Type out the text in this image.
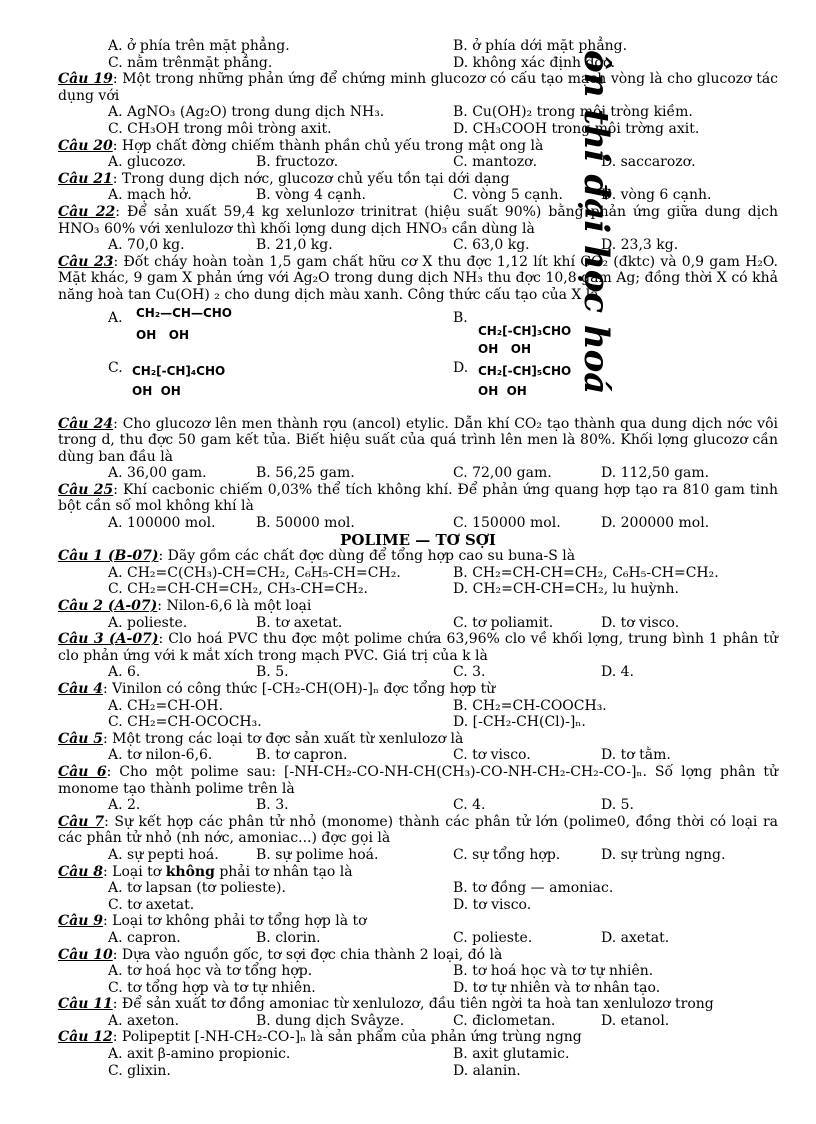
ôn thi đại học hoá
A. ở phía trên mặt phẳng.	B. ở phía dới mặt phẳng.
C. nằm trênmặt phẳng.	D. không xác định đợc.

Câu 19: Một trong những phản ứng để chứng minh glucozơ có cấu tạo mạch vòng là cho glucozơ tác dụng với

A. AgNO₃ (Ag₂O) trong dung dịch NH₃.	B. Cu(OH)₂ trong môi tròng kiềm.
C. CH₃OH trong môi tròng axit.	D. CH₃COOH trong môi trờng axit.

Câu 20: Hợp chất đờng chiếm thành phần chủ yếu trong mật ong là

A. glucozơ.	B. fructozơ.	C. mantozơ.	D. saccarozơ.

Câu 21: Trong dung dịch nớc, glucozơ chủ yếu tồn tại dới dạng

A. mạch hở.	B. vòng 4 cạnh.	C. vòng 5 cạnh.	D. vòng 6 cạnh.

Câu 22: Để sản xuất 59,4 kg xelunlozơ trinitrat (hiệu suất 90%) bằng phản ứng giữa dung dịch HNO₃ 60% với xenlulozơ thì khối lợng dung dịch HNO₃ cần dùng là

A. 70,0 kg.	B. 21,0 kg.	C. 63,0 kg.	D. 23,3 kg.

Câu 23: Đốt cháy hoàn toàn 1,5 gam chất hữu cơ X thu đợc 1,12 lít khí CO₂ (đktc) và 0,9 gam H₂O. Mặt khác, 9 gam X phản ứng với Ag₂O trong dung dịch NH₃ thu đợc 10,8 gam Ag; đồng thời X có khả năng hoà tan Cu(OH) ₂ cho dung dịch màu xanh. Công thức cấu tạo của X là

A. CH₂—CH—CHO
OH   OH
B.
CH₂[-CH]₃CHO
OH   OH
C. CH₂[-CH]₄CHO
OH  OH
D. CH₂[-CH]₅CHO
OH  OH

Câu 24: Cho glucozơ lên men thành rợu (ancol) etylic. Dẫn khí CO₂ tạo thành qua dung dịch nớc vôi trong d, thu đợc 50 gam kết tủa. Biết hiệu suất của quá trình lên men là 80%. Khối lợng glucozơ cần dùng ban đầu là

A. 36,00 gam.	B. 56,25 gam.	C. 72,00 gam.	D. 112,50 gam.

Câu 25: Khí cacbonic chiếm 0,03% thể tích không khí. Để phản ứng quang hợp tạo ra 810 gam tinh bột cần số mol không khí là

A. 100000 mol.	B. 50000 mol.	C. 150000 mol.	D. 200000 mol.

POLIME — TƠ SỢI

Câu 1 (B-07): Dãy gồm các chất đợc dùng để tổng hợp cao su buna-S là

A. CH₂=C(CH₃)-CH=CH₂, C₆H₅-CH=CH₂.	B. CH₂=CH-CH=CH₂, C₆H₅-CH=CH₂.
C. CH₂=CH-CH=CH₂, CH₃-CH=CH₂.	D. CH₂=CH-CH=CH₂, lu huỳnh.

Câu 2 (A-07): Nilon-6,6 là một loại

A. polieste.	B. tơ axetat.	C. tơ poliamit.	D. tơ visco.

Câu 3 (A-07): Clo hoá PVC thu đợc một polime chứa 63,96% clo về khối lợng, trung bình 1 phân tử clo phản ứng với k mắt xích trong mạch PVC. Giá trị của k là

A. 6.	B. 5.	C. 3.	D. 4.

Câu 4: Vinilon có công thức [-CH₂-CH(OH)-]ₙ đợc tổng hợp từ

A. CH₂=CH-OH.	B. CH₂=CH-COOCH₃.
C. CH₂=CH-OCOCH₃.	D. [-CH₂-CH(Cl)-]ₙ.

Câu 5: Một trong các loại tơ đợc sản xuất từ xenlulozơ là

A. tơ nilon-6,6.	B. tơ capron.	C. tơ visco.	D. tơ tằm.

Câu 6: Cho một polime sau: [-NH-CH₂-CO-NH-CH(CH₃)-CO-NH-CH₂-CH₂-CO-]ₙ. Số lợng phân tử monome tạo thành polime trên là

A. 2.	B. 3.	C. 4.	D. 5.

Câu 7: Sự kết hợp các phân tử nhỏ (monome) thành các phân tử lớn (polime0, đồng thời có loại ra các phân tử nhỏ (nh nớc, amoniac...) đợc gọi là

A. sự pepti hoá.	B. sự polime hoá.	C. sự tổng hợp.	D. sự trùng ngng.

Câu 8: Loại tơ không phải tơ nhân tạo là

A. tơ lapsan (tơ polieste).	B. tơ đồng — amoniac.
C. tơ axetat.	D. tơ visco.

Câu 9: Loại tơ không phải tơ tổng hợp là tơ

A. capron.	B. clorin.	C. polieste.	D. axetat.

Câu 10: Dựa vào nguồn gốc, tơ sợi đợc chia thành 2 loại, đó là

A. tơ hoá học và tơ tổng hợp.	B. tơ hoá học và tơ tự nhiên.
C. tơ tổng hợp và tơ tự nhiên.	D. tơ tự nhiên và tơ nhân tạo.

Câu 11: Để sản xuất tơ đồng amoniac từ xenlulozơ, đầu tiên ngời ta hoà tan xenlulozơ trong

A. axeton.	B. dung dịch Svâyze.	C. điclometan.	D. etanol.

Câu 12: Polipeptit [-NH-CH₂-CO-]ₙ là sản phẩm của phản ứng trùng ngng

A. axit β-amino propionic.	B. axit glutamic.
C. glixin.	D. alanin.
